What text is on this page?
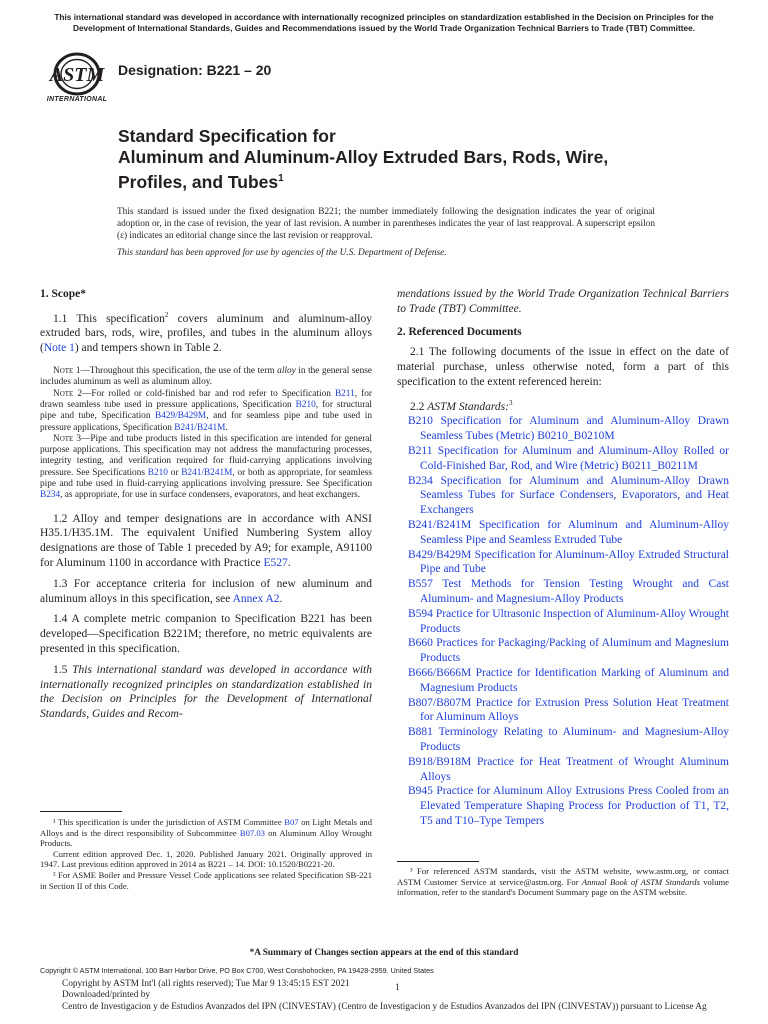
This international standard was developed in accordance with internationally recognized principles on standardization established in the Decision on Principles for the Development of International Standards, Guides and Recommendations issued by the World Trade Organization Technical Barriers to Trade (TBT) Committee.
ASTM
INTERNATIONAL
Designation: B221 – 20
Standard Specification for
Aluminum and Aluminum-Alloy Extruded Bars, Rods, Wire, Profiles, and Tubes$^1$
This standard is issued under the fixed designation B221; the number immediately following the designation indicates the year of original adoption or, in the case of revision, the year of last revision. A number in parentheses indicates the year of last reapproval. A superscript epsilon (ε) indicates an editorial change since the last revision or reapproval.
This standard has been approved for use by agencies of the U.S. Department of Defense.
1. Scope*

1.1 This specification$^2$ covers aluminum and aluminum-alloy extruded bars, rods, wire, profiles, and tubes in the aluminum alloys (Note 1) and tempers shown in Table 2.

Note 1—Throughout this specification, the use of the term alloy in the general sense includes aluminum as well as aluminum alloy.

Note 2—For rolled or cold-finished bar and rod refer to Specification B211, for drawn seamless tube used in pressure applications, Specification B210, for structural pipe and tube, Specification B429/B429M, and for seamless pipe and tube used in pressure applications, Specification B241/B241M.

Note 3—Pipe and tube products listed in this specification are intended for general purpose applications. This specification may not address the manufacturing processes, integrity testing, and verification required for fluid-carrying applications involving pressure. See Specifications B210 or B241/B241M, or both as appropriate, for seamless pipe and tube used in fluid-carrying applications involving pressure. See Specification B234, as appropriate, for use in surface condensers, evaporators, and heat exchangers.

1.2 Alloy and temper designations are in accordance with ANSI H35.1/H35.1M. The equivalent Unified Numbering System alloy designations are those of Table 1 preceded by A9; for example, A91100 for Aluminum 1100 in accordance with Practice E527.

1.3 For acceptance criteria for inclusion of new aluminum and aluminum alloys in this specification, see Annex A2.

1.4 A complete metric companion to Specification B221 has been developed—Specification B221M; therefore, no metric equivalents are presented in this specification.

1.5 This international standard was developed in accordance with internationally recognized principles on standardization established in the Decision on Principles for the Development of International Standards, Guides and Recom-

¹ This specification is under the jurisdiction of ASTM Committee B07 on Light Metals and Alloys and is the direct responsibility of Subcommittee B07.03 on Aluminum Alloy Wrought Products.

Current edition approved Dec. 1, 2020. Published January 2021. Originally approved in 1947. Last previous edition approved in 2014 as B221 – 14. DOI: 10.1520/B0221-20.

² For ASME Boiler and Pressure Vessel Code applications see related Specification SB-221 in Section II of this Code.

mendations issued by the World Trade Organization Technical Barriers to Trade (TBT) Committee.

2. Referenced Documents

2.1 The following documents of the issue in effect on the date of material purchase, unless otherwise noted, form a part of this specification to the extent referenced herein:

2.2 ASTM Standards:$^3$

B210 Specification for Aluminum and Aluminum-Alloy Drawn Seamless Tubes (Metric) B0210_B0210M

B211 Specification for Aluminum and Aluminum-Alloy Rolled or Cold-Finished Bar, Rod, and Wire (Metric) B0211_B0211M

B234 Specification for Aluminum and Aluminum-Alloy Drawn Seamless Tubes for Surface Condensers, Evaporators, and Heat Exchangers

B241/B241M Specification for Aluminum and Aluminum-Alloy Seamless Pipe and Seamless Extruded Tube

B429/B429M Specification for Aluminum-Alloy Extruded Structural Pipe and Tube

B557 Test Methods for Tension Testing Wrought and Cast Aluminum- and Magnesium-Alloy Products

B594 Practice for Ultrasonic Inspection of Aluminum-Alloy Wrought Products

B660 Practices for Packaging/Packing of Aluminum and Magnesium Products

B666/B666M Practice for Identification Marking of Aluminum and Magnesium Products

B807/B807M Practice for Extrusion Press Solution Heat Treatment for Aluminum Alloys

B881 Terminology Relating to Aluminum- and Magnesium-Alloy Products

B918/B918M Practice for Heat Treatment of Wrought Aluminum Alloys

B945 Practice for Aluminum Alloy Extrusions Press Cooled from an Elevated Temperature Shaping Process for Production of T1, T2, T5 and T10–Type Tempers

³ For referenced ASTM standards, visit the ASTM website, www.astm.org, or contact ASTM Customer Service at service@astm.org. For Annual Book of ASTM Standards volume information, refer to the standard's Document Summary page on the ASTM website.

*A Summary of Changes section appears at the end of this standard
Copyright © ASTM International, 100 Barr Harbor Drive, PO Box C700, West Conshohocken, PA 19428-2959. United States
Copyright by ASTM Int'l (all rights reserved); Tue Mar 9 13:45:15 EST 2021
Downloaded/printed by
Centro de Investigacion y de Estudios Avanzados del IPN (CINVESTAV) (Centro de Investigacion y de Estudios Avanzados del IPN (CINVESTAV)) pursuant to License Ag
1
